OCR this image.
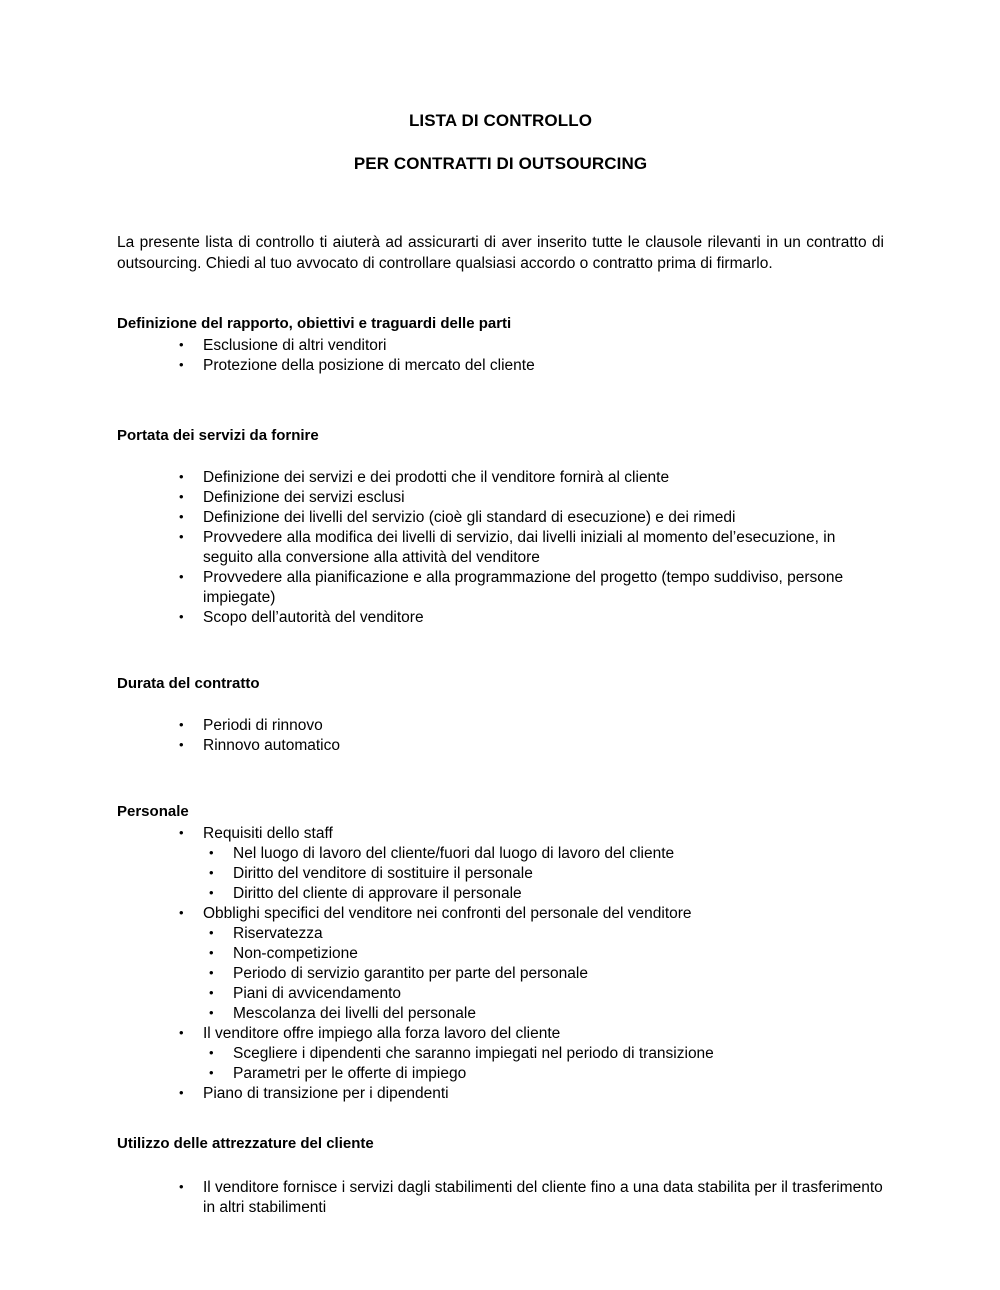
LISTA DI CONTROLLO
PER CONTRATTI DI OUTSOURCING

La presente lista di controllo ti aiuterà ad assicurarti di aver inserito tutte le clausole rilevanti in un contratto di outsourcing. Chiedi al tuo avvocato di controllare qualsiasi accordo o contratto prima di firmarlo.

Definizione del rapporto, obiettivi e traguardi delle parti
• Esclusione di altri venditori
• Protezione della posizione di mercato del cliente
Portata dei servizi da fornire
• Definizione dei servizi e dei prodotti che il venditore fornirà al cliente
• Definizione dei servizi esclusi
• Definizione dei livelli del servizio (cioè gli standard di esecuzione) e dei rimedi
• Provvedere alla modifica dei livelli di servizio, dai livelli iniziali al momento del’esecuzione, in seguito alla conversione alla attività del venditore
• Provvedere alla pianificazione e alla programmazione del progetto (tempo suddiviso, persone impiegate)
• Scopo dell’autorità del venditore
Durata del contratto
• Periodi di rinnovo
• Rinnovo automatico
Personale
• Requisiti dello staff
• Nel luogo di lavoro del cliente/fuori dal luogo di lavoro del cliente
• Diritto del venditore di sostituire il personale
• Diritto del cliente di approvare il personale
• Obblighi specifici del venditore nei confronti del personale del venditore
• Riservatezza
• Non-competizione
• Periodo di servizio garantito per parte del personale
• Piani di avvicendamento
• Mescolanza dei livelli del personale
• Il venditore offre impiego alla forza lavoro del cliente
• Scegliere i dipendenti che saranno impiegati nel periodo di transizione
• Parametri per le offerte di impiego
• Piano di transizione per i dipendenti
Utilizzo delle attrezzature del cliente
• Il venditore fornisce i servizi dagli stabilimenti del cliente fino a una data stabilita per il trasferimento in altri stabilimenti
